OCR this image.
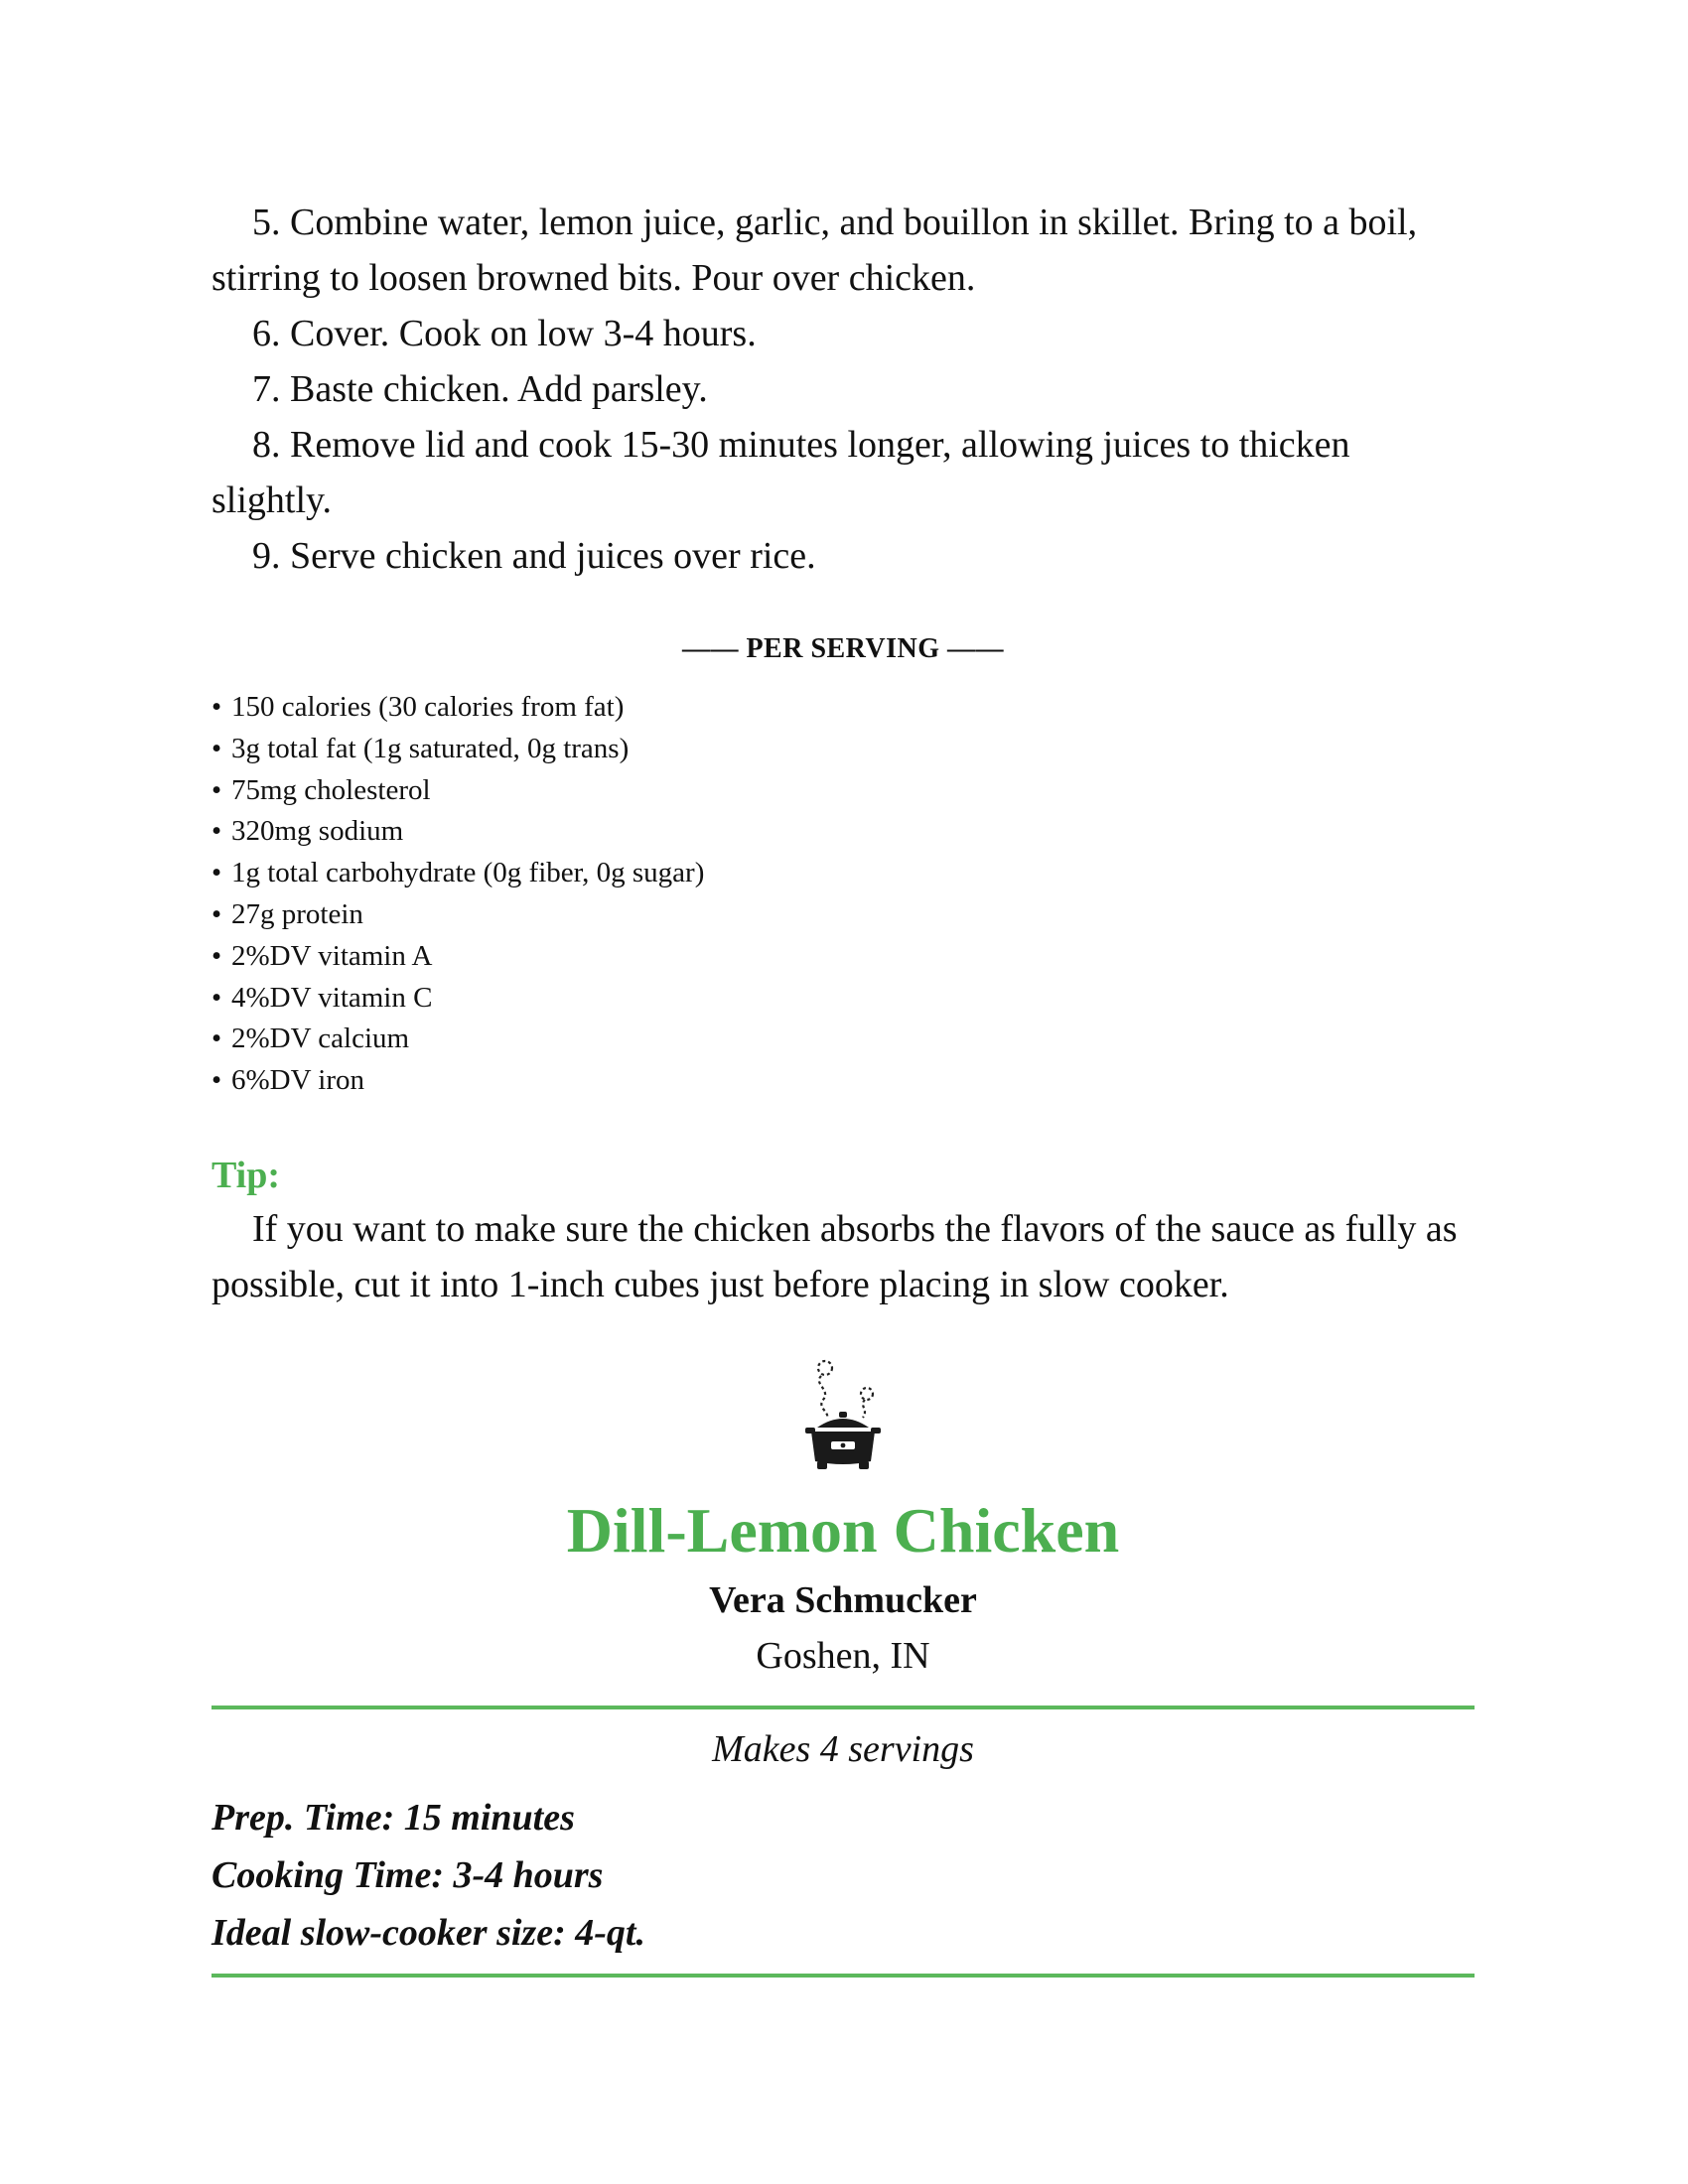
5. Combine water, lemon juice, garlic, and bouillon in skillet. Bring to a boil, stirring to loosen browned bits. Pour over chicken.

6. Cover. Cook on low 3-4 hours.

7. Baste chicken. Add parsley.

8. Remove lid and cook 15-30 minutes longer, allowing juices to thicken slightly.

9. Serve chicken and juices over rice.

—— PER SERVING ——
• 150 calories (30 calories from fat)
• 3g total fat (1g saturated, 0g trans)
• 75mg cholesterol
• 320mg sodium
• 1g total carbohydrate (0g fiber, 0g sugar)
• 27g protein
• 2%DV vitamin A
• 4%DV vitamin C
• 2%DV calcium
• 6%DV iron
Tip:

If you want to make sure the chicken absorbs the flavors of the sauce as fully as possible, cut it into 1-inch cubes just before placing in slow cooker.

Dill-Lemon Chicken
Vera Schmucker
Goshen, IN
Makes 4 servings
Prep. Time: 15 minutes
Cooking Time: 3-4 hours
Ideal slow-cooker size: 4-qt.
